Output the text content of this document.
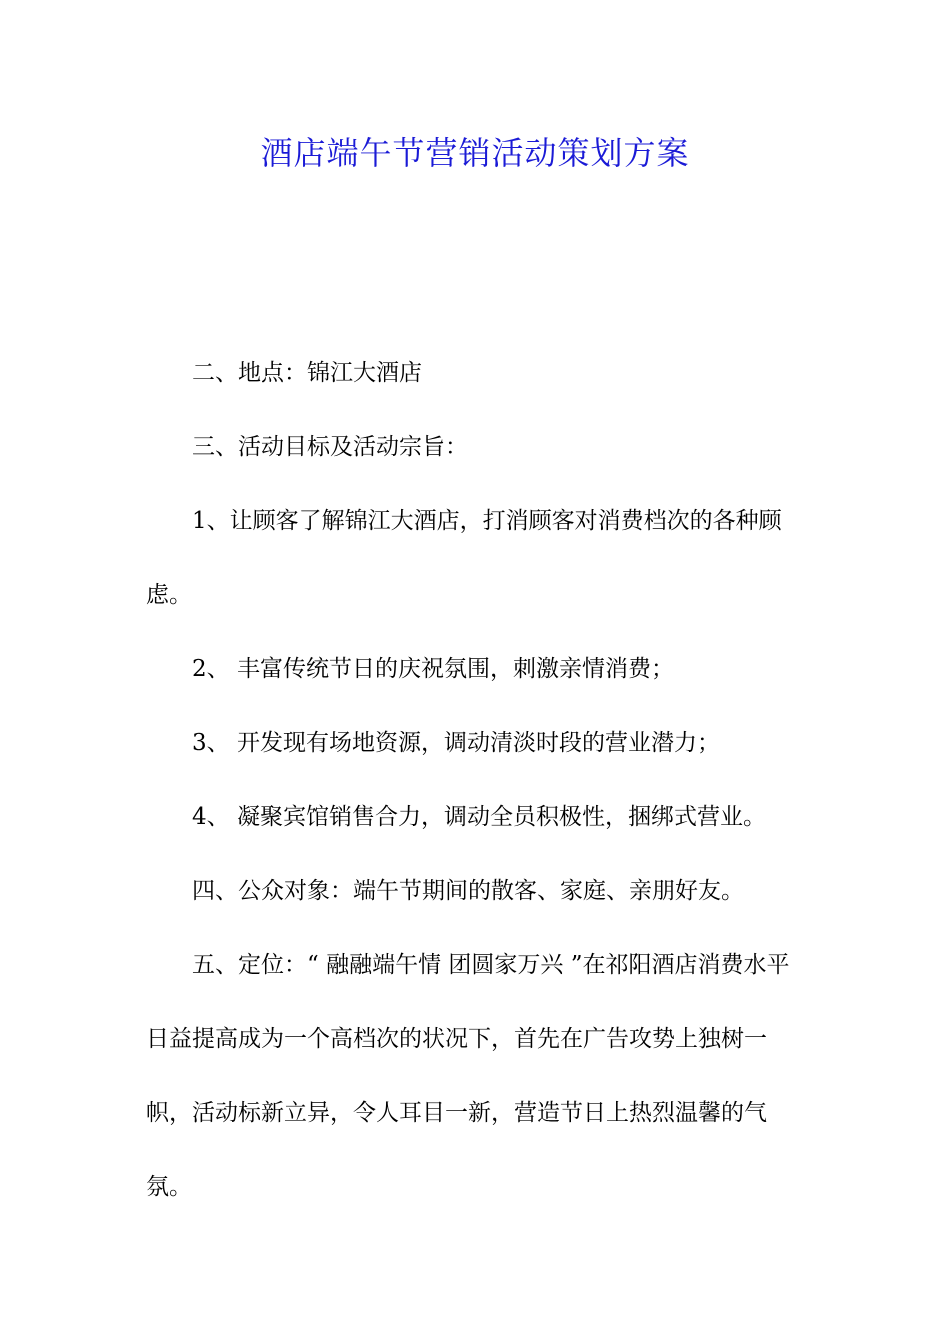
酒店端午节营销活动策划方案

二、地点：锦江大酒店

三、活动目标及活动宗旨：

1、让顾客了解锦江大酒店，打消顾客对消费档次的各种顾虑。

2、 丰富传统节日的庆祝氛围，刺激亲情消费；

3、 开发现有场地资源，调动清淡时段的营业潜力；

4、 凝聚宾馆销售合力，调动全员积极性，捆绑式营业。

四、公众对象：端午节期间的散客、家庭、亲朋好友。

五、定位：“ 融融端午情 团圆家万兴 ”在祁阳酒店消费水平日益提高成为一个高档次的状况下，首先在广告攻势上独树一帜，活动标新立异，令人耳目一新，营造节日上热烈温馨的气氛。
